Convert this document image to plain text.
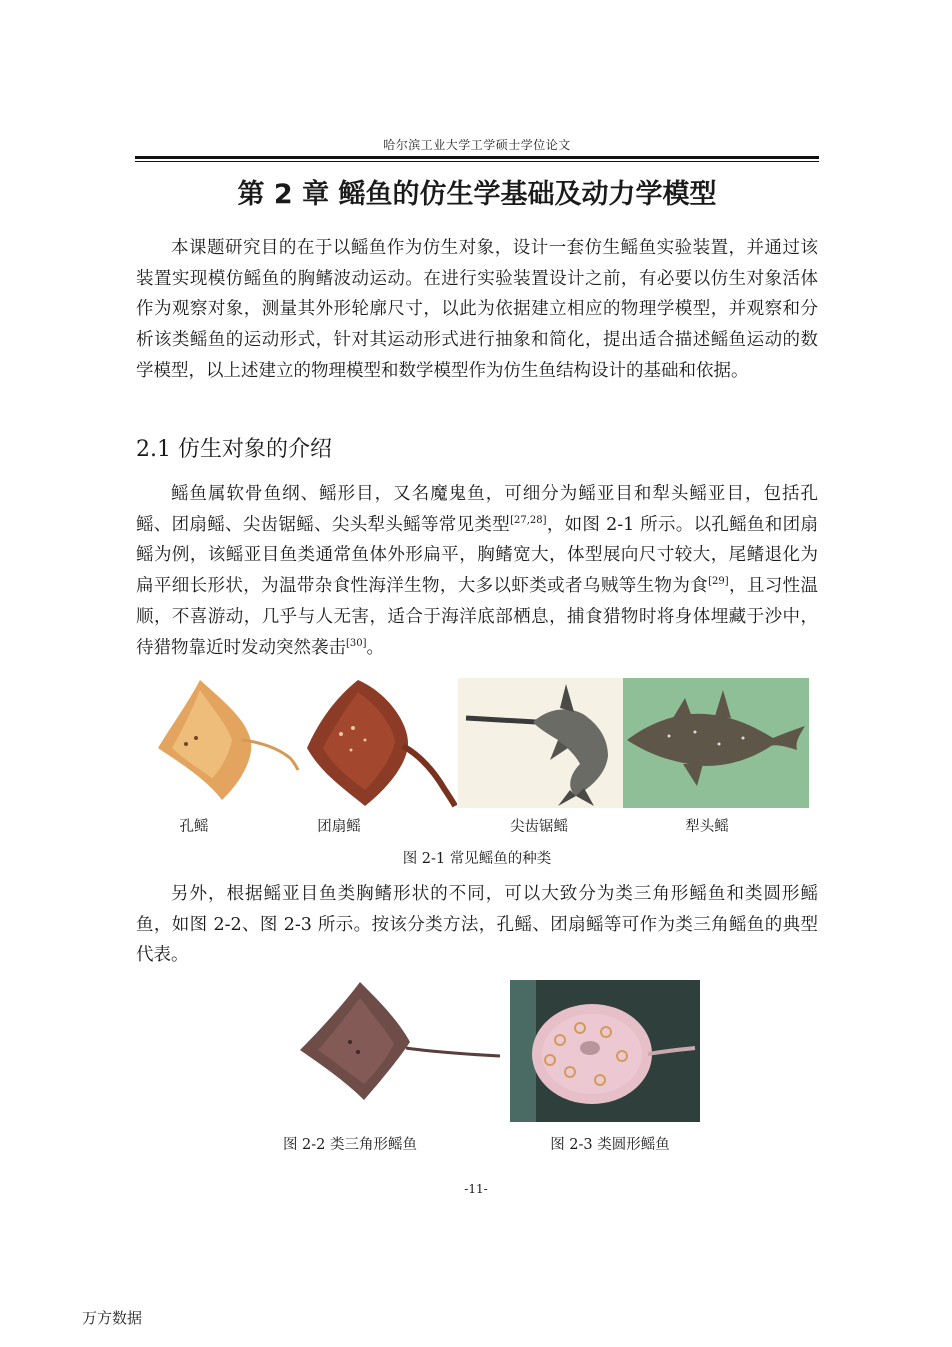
哈尔滨工业大学工学硕士学位论文
第 2 章 鳐鱼的仿生学基础及动力学模型

本课题研究目的在于以鳐鱼作为仿生对象，设计一套仿生鳐鱼实验装置，并通过该装置实现模仿鳐鱼的胸鳍波动运动。在进行实验装置设计之前，有必要以仿生对象活体作为观察对象，测量其外形轮廓尺寸，以此为依据建立相应的物理学模型，并观察和分析该类鳐鱼的运动形式，针对其运动形式进行抽象和简化，提出适合描述鳐鱼运动的数学模型，以上述建立的物理模型和数学模型作为仿生鱼结构设计的基础和依据。

2.1 仿生对象的介绍

鳐鱼属软骨鱼纲、鳐形目，又名魔鬼鱼，可细分为鳐亚目和犁头鳐亚目，包括孔鳐、团扇鳐、尖齿锯鳐、尖头犁头鳐等常见类型[27,28]，如图 2-1 所示。以孔鳐鱼和团扇鳐为例，该鳐亚目鱼类通常鱼体外形扁平，胸鳍宽大，体型展向尺寸较大，尾鳍退化为扁平细长形状，为温带杂食性海洋生物，大多以虾类或者乌贼等生物为食[29]，且习性温顺，不喜游动，几乎与人无害，适合于海洋底部栖息，捕食猎物时将身体埋藏于沙中，待猎物靠近时发动突然袭击[30]。

孔鳐	团扇鳐	尖齿锯鳐	犁头鳐
图 2-1 常见鳐鱼的种类

另外，根据鳐亚目鱼类胸鳍形状的不同，可以大致分为类三角形鳐鱼和类圆形鳐鱼，如图 2-2、图 2-3 所示。按该分类方法，孔鳐、团扇鳐等可作为类三角鳐鱼的典型代表。

图 2-2 类三角形鳐鱼	图 2-3 类圆形鳐鱼
-11-
万方数据
